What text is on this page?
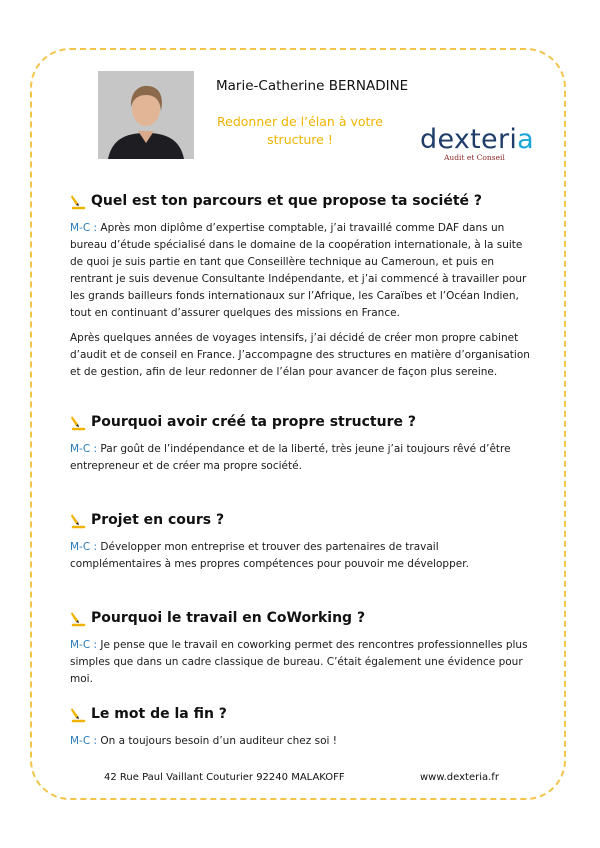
Marie-Catherine BERNADINE
Redonner de l’élan à votre
structure !	dexteria
Audit et Conseil
Quel est ton parcours et que propose ta société ?

M-C : Après mon diplôme d’expertise comptable, j’ai travaillé comme DAF dans un bureau d’étude spécialisé dans le domaine de la coopération internationale, à la suite de quoi je suis partie en tant que Conseillère technique au Cameroun, et puis en rentrant je suis devenue Consultante Indépendante, et j’ai commencé à travailler pour les grands bailleurs fonds internationaux sur l’Afrique, les Caraïbes et l’Océan Indien, tout en continuant d’assurer quelques des missions en France.

Après quelques années de voyages intensifs, j’ai décidé de créer mon propre cabinet d’audit et de conseil en France. J’accompagne des structures en matière d’organisation et de gestion, afin de leur redonner de l’élan pour avancer de façon plus sereine.

Pourquoi avoir créé ta propre structure ?

M-C : Par goût de l’indépendance et de la liberté, très jeune j’ai toujours rêvé d’être entrepreneur et de créer ma propre société.

Projet en cours ?

M-C : Développer mon entreprise et trouver des partenaires de travail complémentaires à mes propres compétences pour pouvoir me développer.

Pourquoi le travail en CoWorking ?

M-C : Je pense que le travail en coworking permet des rencontres professionnelles plus simples que dans un cadre classique de bureau. C’était également une évidence pour moi.

Le mot de la fin ?

M-C : On a toujours besoin d’un auditeur chez soi !

42 Rue Paul Vaillant Couturier 92240 MALAKOFF	www.dexteria.fr
